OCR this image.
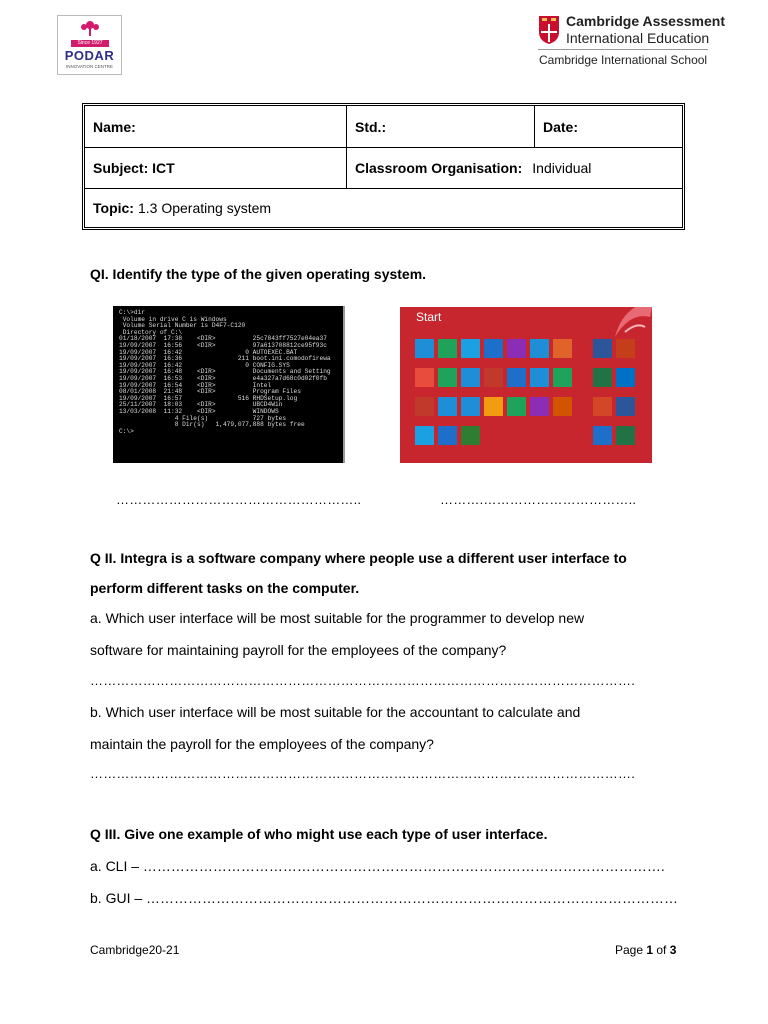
Since 1927
PODAR
INNOVATION CENTRE
Cambridge Assessment
International Education
Cambridge International School
Name:	Std.:	Date:
Subject: ICT	Classroom Organisation: Individual
Topic: 1.3 Operating system
QI. Identify the type of the given operating system.
C:\>dir
Volume in drive C is Windows
Volume Serial Number is D4F7-C120
Directory of C:\
01/18/2007  17:38    <DIR>          25c7843ff7527e04ea37
19/09/2007  16:56    <DIR>          97a613708812ce95f93c
19/09/2007  16:42                 0 AUTOEXEC.BAT
19/09/2007  16:36               211 boot.ini.comodofirewa
19/09/2007  16:42                 0 CONFIG.SYS
19/09/2007  16:48    <DIR>          Documents and Setting
19/09/2007  16:53    <DIR>          e4a327a7d68c0d02f0fb
19/09/2007  16:54    <DIR>          Intel
08/01/2008  21:48    <DIR>          Program Files
19/09/2007  16:57               516 RHDSetup.log
25/11/2007  18:03    <DIR>          UBCD4Win
13/03/2008  11:32    <DIR>          WINDOWS
4 File(s)            727 bytes
8 Dir(s)   1,479,077,888 bytes free
C:\>
Start
………………………………………………..	……….……………………………..
Q II. Integra is a software company where people use a different user interface to
perform different tasks on the computer.
a. Which user interface will be most suitable for the programmer to develop new
software for maintaining payroll for the employees of the company?
…………………………………………………………………………………………………………….
b. Which user interface will be most suitable for the accountant to calculate and
maintain the payroll for the employees of the company?
…………………………………………………………………………………………………………….
Q III. Give one example of who might use each type of user interface.
a. CLI – ………………………………………………………………………………………………….
b. GUI – ……………………………………………………………………………………………………
Cambridge20-21	Page 1 of 3
